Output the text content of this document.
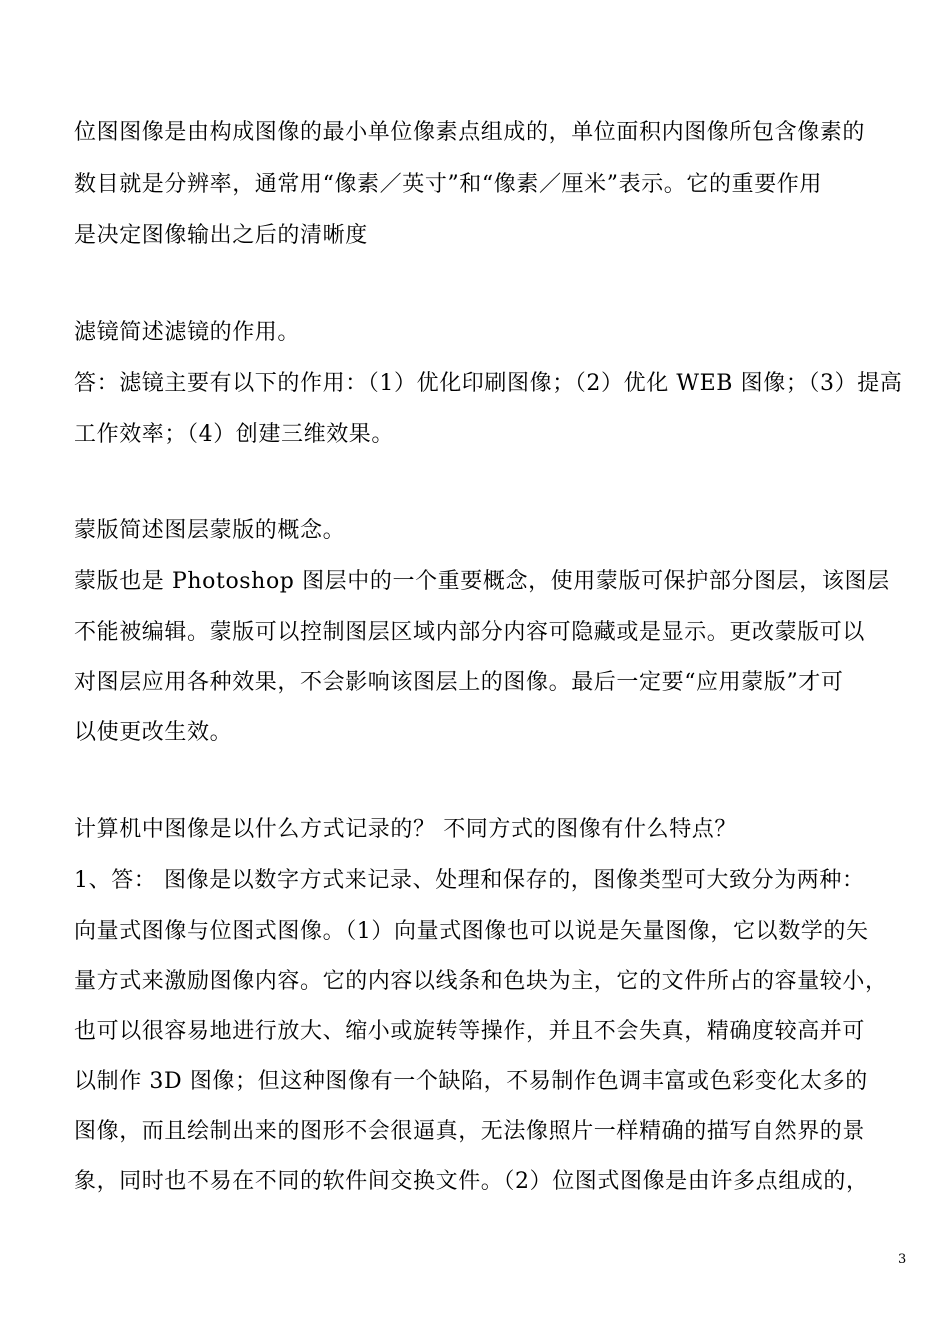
位图图像是由构成图像的最小单位像素点组成的，单位面积内图像所包含像素的
数目就是分辨率，通常用“像素／英寸”和“像素／厘米”表示。它的重要作用
是决定图像输出之后的清晰度
滤镜简述滤镜的作用。
答：滤镜主要有以下的作用：（1）优化印刷图像；（2）优化 WEB 图像；（3）提高
工作效率；（4）创建三维效果。
蒙版简述图层蒙版的概念。
蒙版也是 Photoshop 图层中的一个重要概念，使用蒙版可保护部分图层，该图层
不能被编辑。蒙版可以控制图层区域内部分内容可隐藏或是显示。更改蒙版可以
对图层应用各种效果，不会影响该图层上的图像。最后一定要“应用蒙版”才可
以使更改生效。
计算机中图像是以什么方式记录的？ 不同方式的图像有什么特点？
1、答： 图像是以数字方式来记录、处理和保存的，图像类型可大致分为两种：
向量式图像与位图式图像。（1）向量式图像也可以说是矢量图像，它以数学的矢
量方式来激励图像内容。它的内容以线条和色块为主，它的文件所占的容量较小，
也可以很容易地进行放大、缩小或旋转等操作，并且不会失真，精确度较高并可
以制作 3D 图像；但这种图像有一个缺陷，不易制作色调丰富或色彩变化太多的
图像，而且绘制出来的图形不会很逼真，无法像照片一样精确的描写自然界的景
象，同时也不易在不同的软件间交换文件。（2）位图式图像是由许多点组成的，
3
